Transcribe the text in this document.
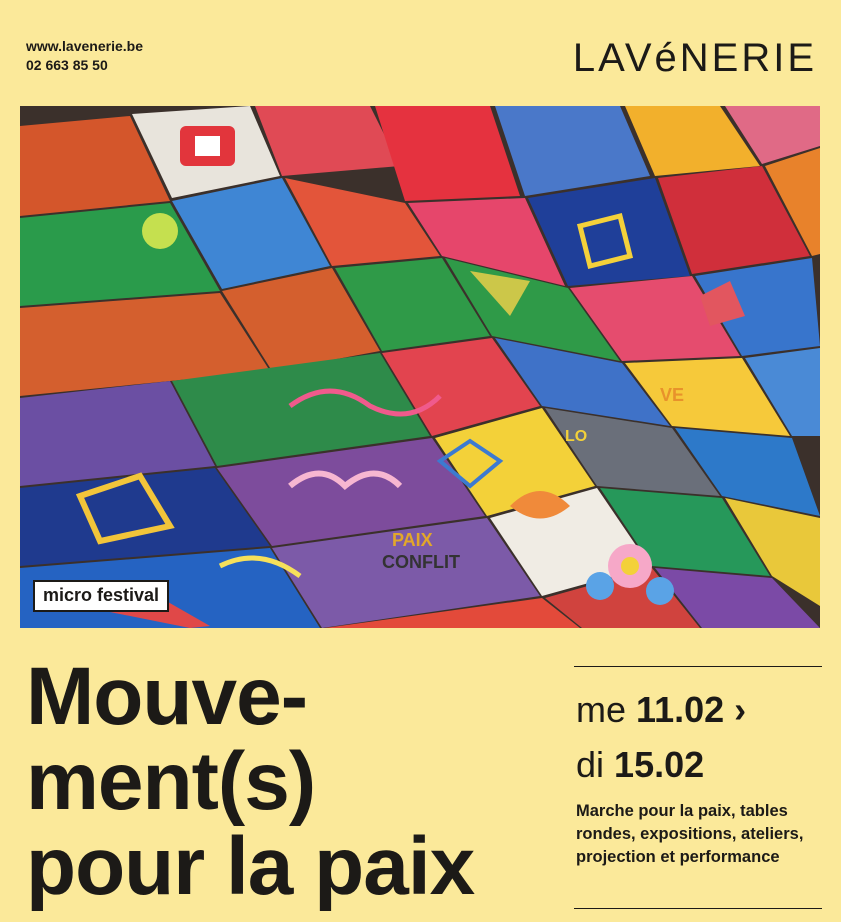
www.lavenerie.be
02 663 85 50	LAVéNERIE
PAIX
CONFLIT
LO
VE
micro festival
Mouve-
ment(s)
pour la paix
me 11.02 ›
di 15.02
Marche pour la paix, tables rondes, expositions, ateliers, projection et performance
